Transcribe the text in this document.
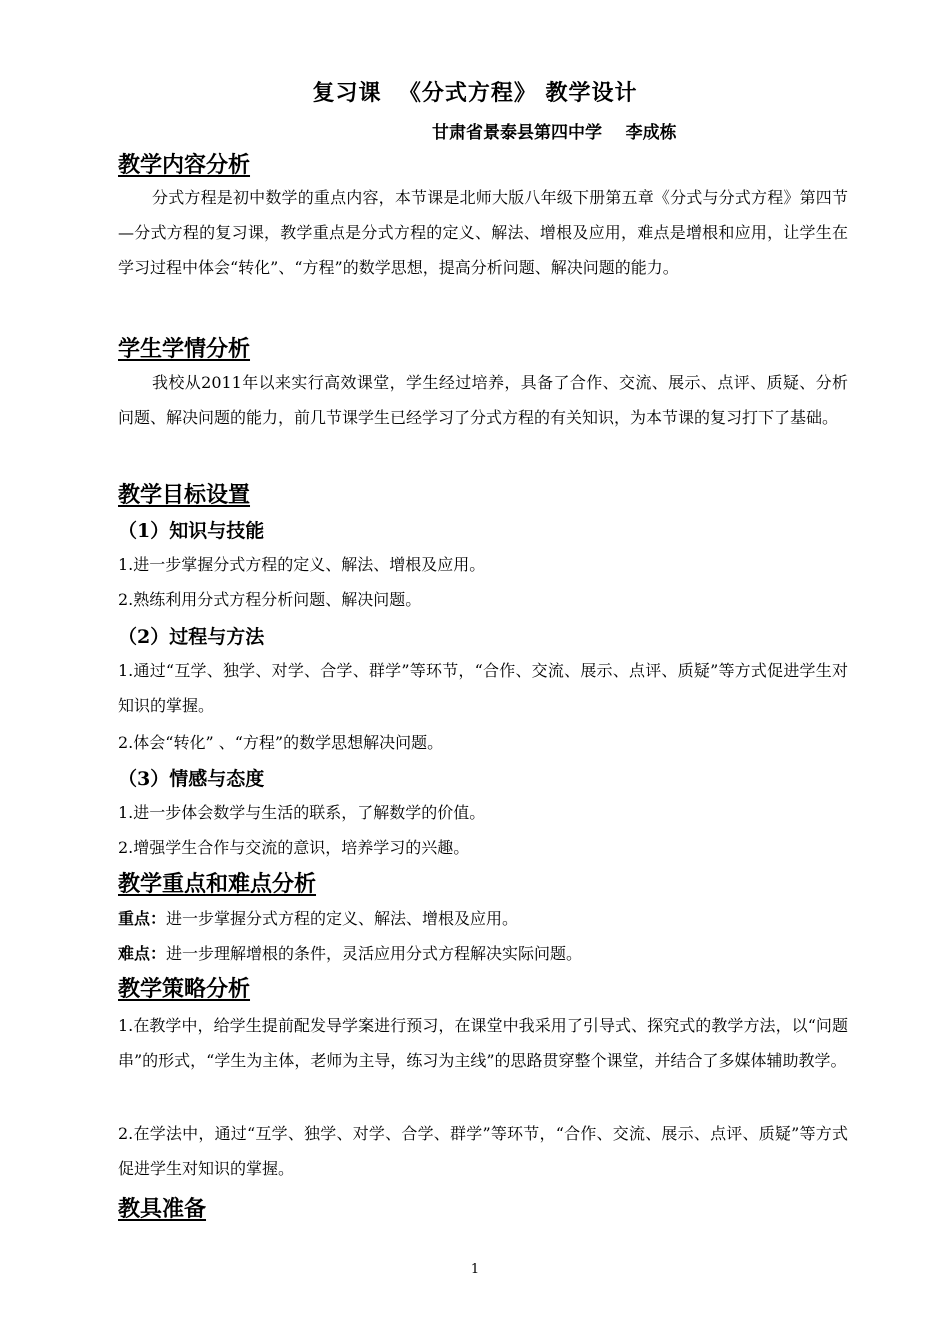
复习课  《分式方程》 教学设计
甘肃省景泰县第四中学    李成栋
教学内容分析
分式方程是初中数学的重点内容，本节课是北师大版八年级下册第五章《分式与分式方程》第四节—分式方程的复习课，教学重点是分式方程的定义、解法、增根及应用，难点是增根和应用，让学生在学习过程中体会“转化”、“方程”的数学思想，提高分析问题、解决问题的能力。
学生学情分析
我校从2011年以来实行高效课堂，学生经过培养，具备了合作、交流、展示、点评、质疑、分析问题、解决问题的能力，前几节课学生已经学习了分式方程的有关知识，为本节课的复习打下了基础。
教学目标设置
（1）知识与技能
1.进一步掌握分式方程的定义、解法、增根及应用。
2.熟练利用分式方程分析问题、解决问题。
（2）过程与方法
1.通过“互学、独学、对学、合学、群学”等环节，“合作、交流、展示、点评、质疑”等方式促进学生对知识的掌握。
2.体会“转化” 、“方程”的数学思想解决问题。
（3）情感与态度
1.进一步体会数学与生活的联系，了解数学的价值。
2.增强学生合作与交流的意识，培养学习的兴趣。
教学重点和难点分析
重点：进一步掌握分式方程的定义、解法、增根及应用。
难点：进一步理解增根的条件，灵活应用分式方程解决实际问题。
教学策略分析
1.在教学中，给学生提前配发导学案进行预习，在课堂中我采用了引导式、探究式的教学方法，以“问题串”的形式，“学生为主体，老师为主导，练习为主线”的思路贯穿整个课堂，并结合了多媒体辅助教学。
2.在学法中，通过“互学、独学、对学、合学、群学”等环节，“合作、交流、展示、点评、质疑”等方式促进学生对知识的掌握。
教具准备
1
